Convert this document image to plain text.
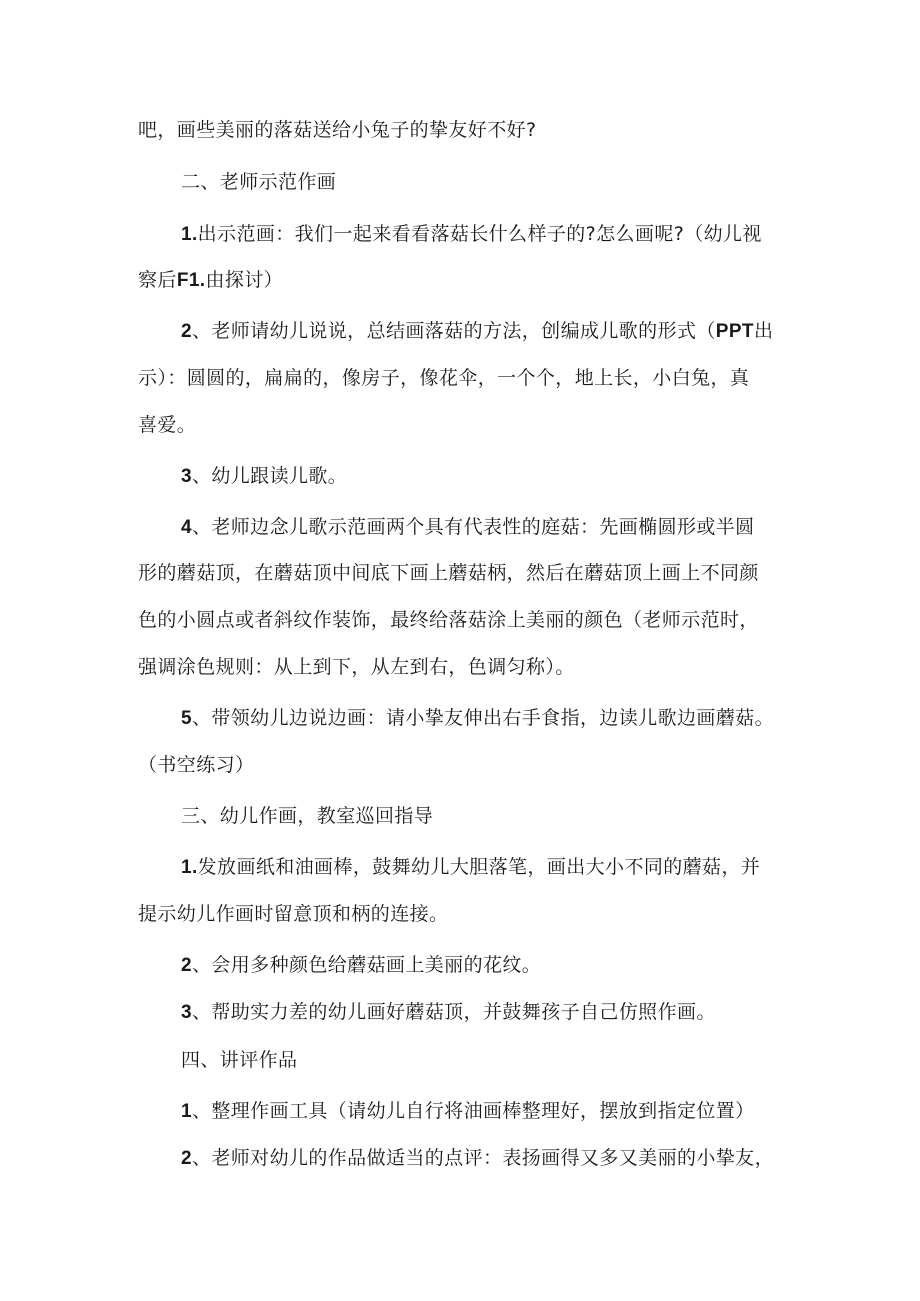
吧，画些美丽的落菇送给小兔子的挚友好不好?
二、老师示范作画
1.出示范画：我们一起来看看落菇长什么样子的?怎么画呢?（幼儿视
察后F1.由探讨）
2、老师请幼儿说说，总结画落菇的方法，创编成儿歌的形式（PPT出
示）：圆圆的，扁扁的，像房子，像花伞，一个个，地上长，小白兔，真
喜爱。
3、幼儿跟读儿歌。
4、老师边念儿歌示范画两个具有代表性的庭菇：先画椭圆形或半圆
形的蘑菇顶，在蘑菇顶中间底下画上蘑菇柄，然后在蘑菇顶上画上不同颜
色的小圆点或者斜纹作装饰，最终给落菇涂上美丽的颜色（老师示范时，
强调涂色规则：从上到下，从左到右，色调匀称）。
5、带领幼儿边说边画：请小挚友伸出右手食指，边读儿歌边画蘑菇。
（书空练习）
三、幼儿作画，教室巡回指导
1.发放画纸和油画棒，鼓舞幼儿大胆落笔，画出大小不同的蘑菇，并
提示幼儿作画时留意顶和柄的连接。
2、会用多种颜色给蘑菇画上美丽的花纹。
3、帮助实力差的幼儿画好蘑菇顶，并鼓舞孩子自己仿照作画。
四、讲评作品
1、整理作画工具（请幼儿自行将油画棒整理好，摆放到指定位置）
2、老师对幼儿的作品做适当的点评：表扬画得又多又美丽的小挚友，
